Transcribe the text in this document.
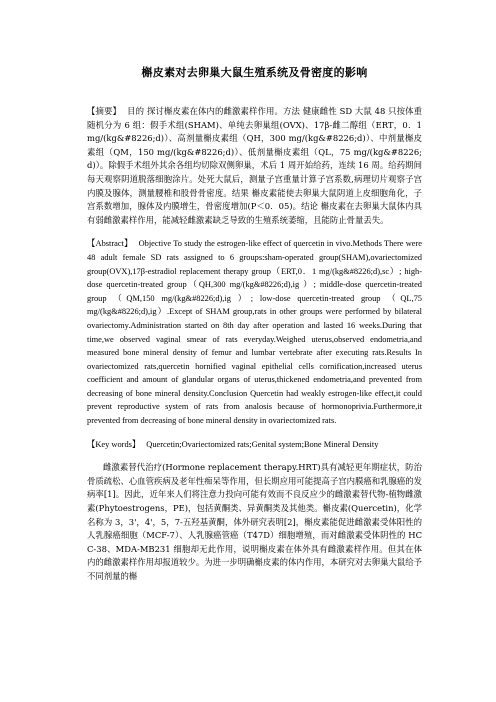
槲皮素对去卵巢大鼠生殖系统及骨密度的影响

【摘要】 目的 探讨槲皮素在体内的雌激素样作用。方法 健康雌性 SD 大鼠 48 只按体重随机分为 6 组：假手术组(SHAM)、单纯去卵巢组(OVX)、17β-雌二醇组（ERT，0．1 mg/(kg&#8226;d)）、高剂量槲皮素组（QH，300 mg/(kg&#8226;d)）、中剂量槲皮素组（QM，150 mg/(kg&#8226;d)）、低剂量槲皮素组（QL，75 mg/(kg&#8226;d)）。除假手术组外其余各组均切除双侧卵巢，术后 1 周开始给药，连续 16 周。给药期间每天观察阴道脱落细胞涂片。处死大鼠后，测量子宫重量计算子宫系数,病理切片观察子宫内膜及腺体，测量腰椎和股骨骨密度。结果 槲皮素能使去卵巢大鼠阴道上皮细胞角化，子宫系数增加，腺体及内膜增生，骨密度增加(P＜0．05)。结论 槲皮素在去卵巢大鼠体内具有弱雌激素样作用，能减轻雌激素缺乏导致的生殖系统萎缩，且能防止骨量丢失。

【Abstract】 Objective To study the estrogen-like effect of quercetin in vivo.Methods There were 48 adult female SD rats assigned to 6 groups:sham-operated group(SHAM),ovariectomized group(OVX),17β-estradiol replacement therapy group（ERT,0．1 mg/(kg&#8226;d),sc）; high-dose quercetin-treated group（QH,300 mg/(kg&#8226;d),ig ）; middle-dose quercetin-treated group （QM,150 mg/(kg&#8226;d),ig ）; low-dose quercetin-treated group （QL,75 mg/(kg&#8226;d),ig）.Except of SHAM group,rats in other groups were performed by bilateral ovariectomy.Administration started on 8th day after operation and lasted 16 weeks.During that time,we observed vaginal smear of rats everyday.Weighed uterus,observed endometria,and measured bone mineral density of femur and lumbar vertebrate after executing rats.Results In ovariectomized rats,quercetin hornified vaginal epithelial cells cornification,increased uterus coefficient and amount of glandular organs of uterus,thickened endometria,and prevented from decreasing of bone mineral density.Conclusion Quercetin had weakly estrogen-like effect,it could prevent reproductive system of rats from analosis because of hormonoprivia.Furthermore,it prevented from decreasing of bone mineral density in ovariectomized rats.

【Key words】 Quercetin;Ovariectomized rats;Genital system;Bone Mineral Density

雌激素替代治疗(Hormone replacement therapy.HRT)具有减轻更年期症状，防治骨质疏松、心血管疾病及老年性痴呆等作用，但长期应用可能提高子宫内膜癌和乳腺癌的发病率[1]。因此，近年来人们将注意力投向可能有效而不良反应少的雌激素替代物-植物雌激素(Phytoestrogens，PE)，包括黄酮类、异黄酮类及其他类。槲皮素(Quercetin)，化学名称为 3，3'，4'，5，7-五羟基黄酮，体外研究表明[2]，槲皮素能促进雌激素受体阳性的人乳腺癌细胞（MCF-7）、人乳腺癌管癌（T47D）细胞增殖，而对雌激素受体阴性的 HCC-38、MDA-MB231 细胞却无此作用，说明槲皮素在体外具有雌激素样作用。但其在体内的雌激素样作用却报道较少。为进一步明确槲皮素的体内作用，本研究对去卵巢大鼠给予不同剂量的槲
